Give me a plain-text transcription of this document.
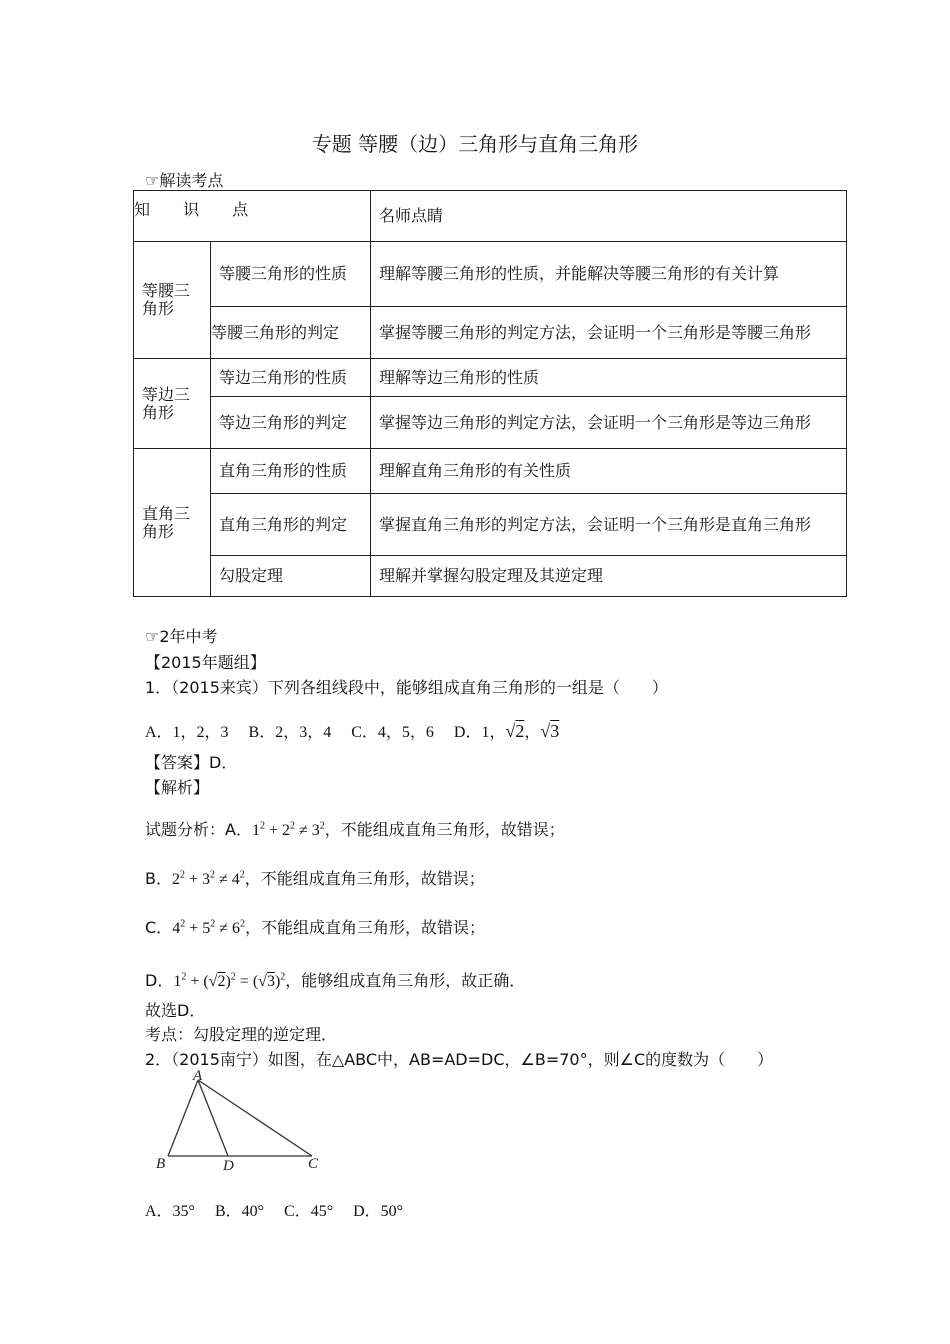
专题 等腰（边）三角形与直角三角形
☞解读考点
知 识 点		名师点睛
等腰三角形	等腰三角形的性质	理解等腰三角形的性质，并能解决等腰三角形的有关计算
	等腰三角形的判定	掌握等腰三角形的判定方法，会证明一个三角形是等腰三角形
等边三角形	等边三角形的性质	理解等边三角形的性质
	等边三角形的判定	掌握等边三角形的判定方法，会证明一个三角形是等边三角形
直角三角形	直角三角形的性质	理解直角三角形的有关性质
	直角三角形的判定	掌握直角三角形的判定方法，会证明一个三角形是直角三角形
	勾股定理	理解并掌握勾股定理及其逆定理
☞2年中考
【2015年题组】
1．（2015来宾）下列各组线段中，能够组成直角三角形的一组是（　　）
A．1，2，3　 B．2，3，4　 C．4，5，6　 D．1，√2，√3
【答案】D．
【解析】
试题分析：A．$1^2 + 2^2 \ne 3^2$，不能组成直角三角形，故错误；
B．$2^2 + 3^2 \ne 4^2$，不能组成直角三角形，故错误；
C．$4^2 + 5^2 \ne 6^2$，不能组成直角三角形，故错误；
D．$1^2 + (√2)^2 = (√3)^2$，能够组成直角三角形，故正确．
故选D．
考点：勾股定理的逆定理．
2．（2015南宁）如图，在△ABC中，AB=AD=DC，∠B=70°，则∠C的度数为（　　）
A
B	D	C
A．35°　 B．40°　 C．45°　 D．50°
